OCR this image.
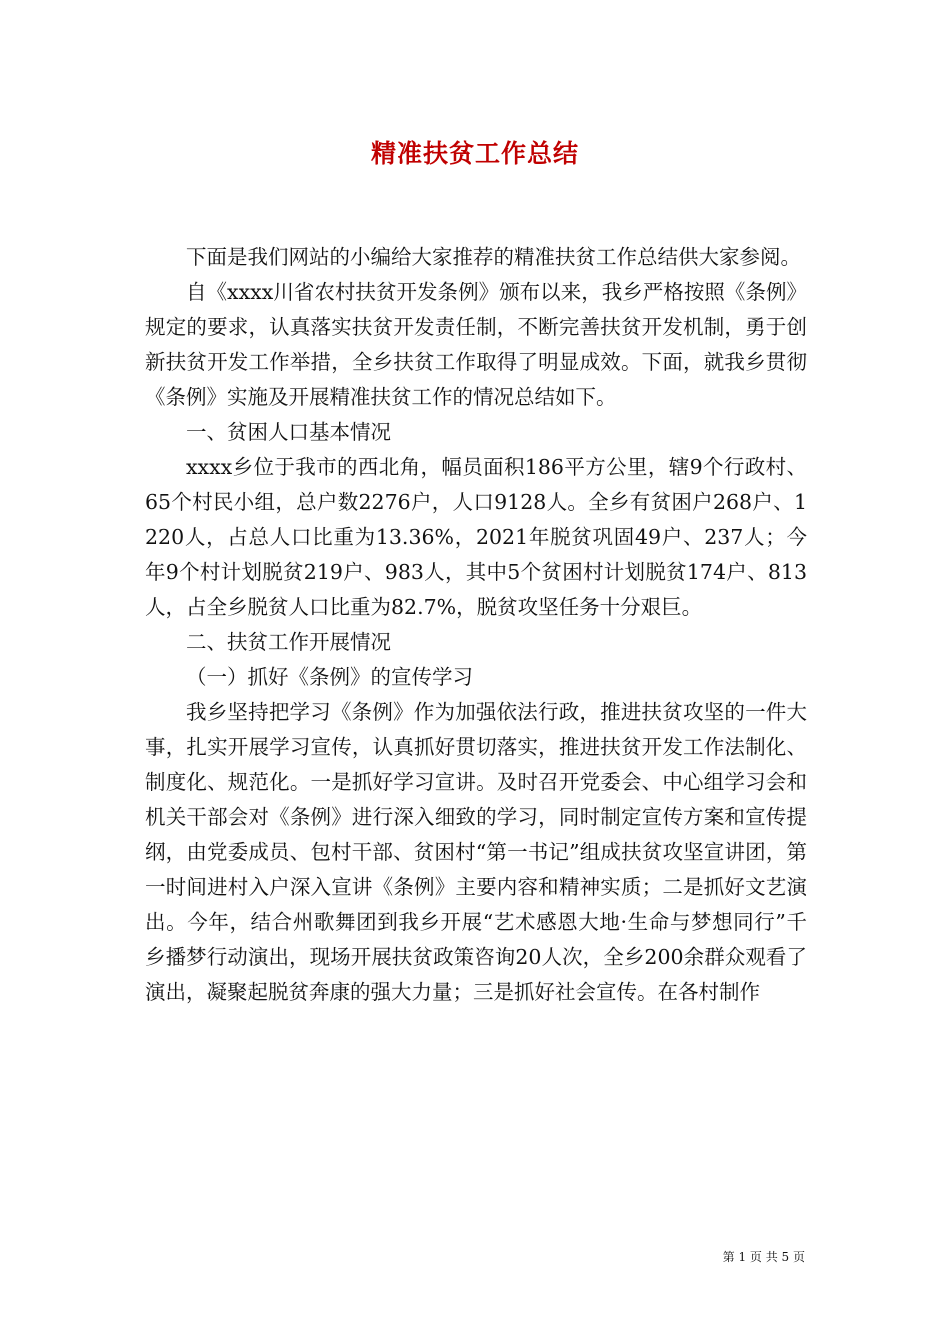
精准扶贫工作总结

下面是我们网站的小编给大家推荐的精准扶贫工作总结供大家参阅。

自《xxxx川省农村扶贫开发条例》颁布以来，我乡严格按照《条例》规定的要求，认真落实扶贫开发责任制，不断完善扶贫开发机制，勇于创新扶贫开发工作举措，全乡扶贫工作取得了明显成效。下面，就我乡贯彻《条例》实施及开展精准扶贫工作的情况总结如下。

一、贫困人口基本情况

xxxx乡位于我市的西北角，幅员面积186平方公里，辖9个行政村、65个村民小组，总户数2276户，人口9128人。全乡有贫困户268户、1220人，占总人口比重为13.36%，2021年脱贫巩固49户、237人；今年9个村计划脱贫219户、983人，其中5个贫困村计划脱贫174户、813人，占全乡脱贫人口比重为82.7%，脱贫攻坚任务十分艰巨。

二、扶贫工作开展情况

（一）抓好《条例》的宣传学习

我乡坚持把学习《条例》作为加强依法行政，推进扶贫攻坚的一件大事，扎实开展学习宣传，认真抓好贯切落实，推进扶贫开发工作法制化、制度化、规范化。一是抓好学习宣讲。及时召开党委会、中心组学习会和机关干部会对《条例》进行深入细致的学习，同时制定宣传方案和宣传提纲，由党委成员、包村干部、贫困村“第一书记”组成扶贫攻坚宣讲团，第一时间进村入户深入宣讲《条例》主要内容和精神实质；二是抓好文艺演出。今年，结合州歌舞团到我乡开展“艺术感恩大地·生命与梦想同行”千乡播梦行动演出，现场开展扶贫政策咨询20人次，全乡200余群众观看了演出，凝聚起脱贫奔康的强大力量；三是抓好社会宣传。在各村制作

第 1 页 共 5 页
